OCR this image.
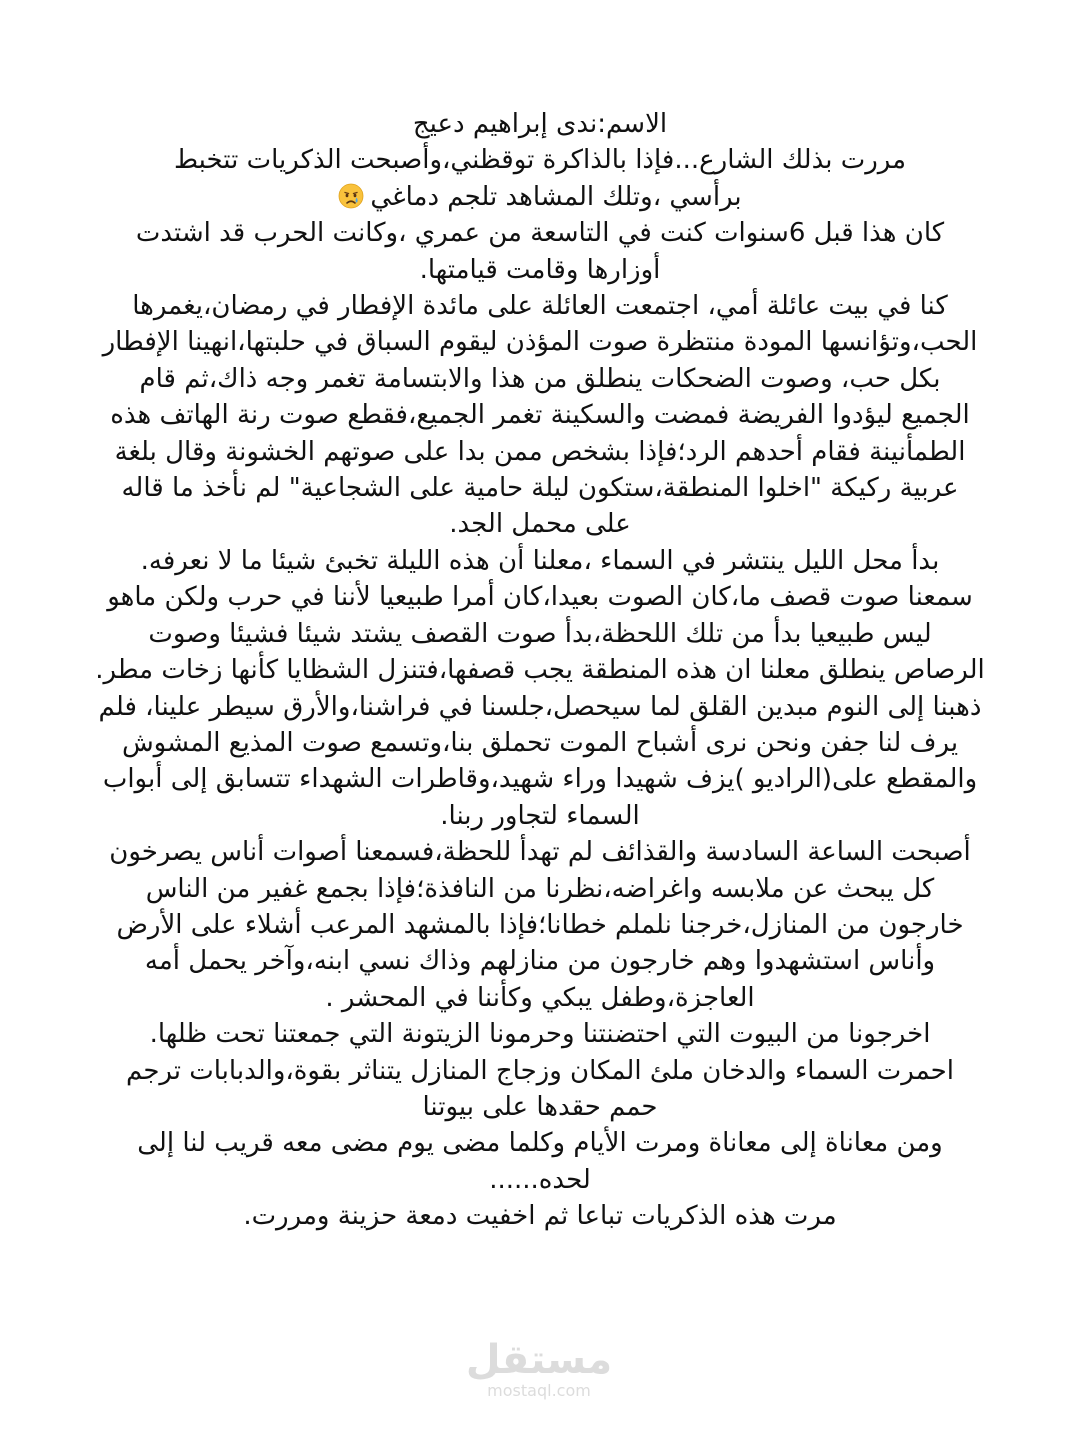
الاسم:ندى إبراهيم دعيج
مررت بذلك الشارع...فإذا بالذاكرة توقظني،وأصبحت الذكريات تتخبط
برأسي ،وتلك المشاهد تلجم دماغي
كان هذا قبل 6سنوات كنت في التاسعة من عمري ،وكانت الحرب قد اشتدت
أوزارها وقامت قيامتها.
كنا في بيت عائلة أمي، اجتمعت العائلة على مائدة الإفطار في رمضان،يغمرها
الحب،وتؤانسها المودة منتظرة صوت المؤذن ليقوم السباق في حلبتها،انهينا الإفطار
بكل حب، وصوت الضحكات ينطلق من هذا والابتسامة تغمر وجه ذاك،ثم قام
الجميع ليؤدوا الفريضة فمضت والسكينة تغمر الجميع،فقطع صوت رنة الهاتف هذه
الطمأنينة فقام أحدهم الرد؛فإذا بشخص ممن بدا على صوتهم الخشونة وقال بلغة
عربية ركيكة "اخلوا المنطقة،ستكون ليلة حامية على الشجاعية" لم نأخذ ما قاله
على محمل الجد.
بدأ محل الليل ينتشر في السماء ،معلنا أن هذه الليلة تخبئ شيئا ما لا نعرفه.
سمعنا صوت قصف ما،كان الصوت بعيدا،كان أمرا طبيعيا لأننا في حرب ولكن ماهو
ليس طبيعيا بدأ من تلك اللحظة،بدأ صوت القصف يشتد شيئا فشيئا وصوت
الرصاص ينطلق معلنا ان هذه المنطقة يجب قصفها،فتنزل الشظايا كأنها زخات مطر.
ذهبنا إلى النوم مبدين القلق لما سيحصل،جلسنا في فراشنا،والأرق سيطر علينا، فلم
يرف لنا جفن ونحن نرى أشباح الموت تحملق بنا،وتسمع صوت المذيع المشوش
والمقطع على(الراديو )يزف شهيدا وراء شهيد،وقاطرات الشهداء تتسابق إلى أبواب
السماء لتجاور ربنا.
أصبحت الساعة السادسة والقذائف لم تهدأ للحظة،فسمعنا أصوات أناس يصرخون
كل يبحث عن ملابسه واغراضه،نظرنا من النافذة؛فإذا بجمع غفير من الناس
خارجون من المنازل،خرجنا نلملم خطانا؛فإذا بالمشهد المرعب أشلاء على الأرض
وأناس استشهدوا وهم خارجون من منازلهم وذاك نسي ابنه،وآخر يحمل أمه
العاجزة،وطفل يبكي وكأننا في المحشر .
اخرجونا من البيوت التي احتضنتنا وحرمونا الزيتونة التي جمعتنا تحت ظلها.
احمرت السماء والدخان ملئ المكان وزجاج المنازل يتناثر بقوة،والدبابات ترجم
حمم حقدها على بيوتنا
ومن معاناة إلى معاناة ومرت الأيام وكلما مضى يوم مضى معه قريب لنا إلى
لحده......
مرت هذه الذكريات تباعا ثم اخفيت دمعة حزينة ومررت.
مستقل
mostaql.com
